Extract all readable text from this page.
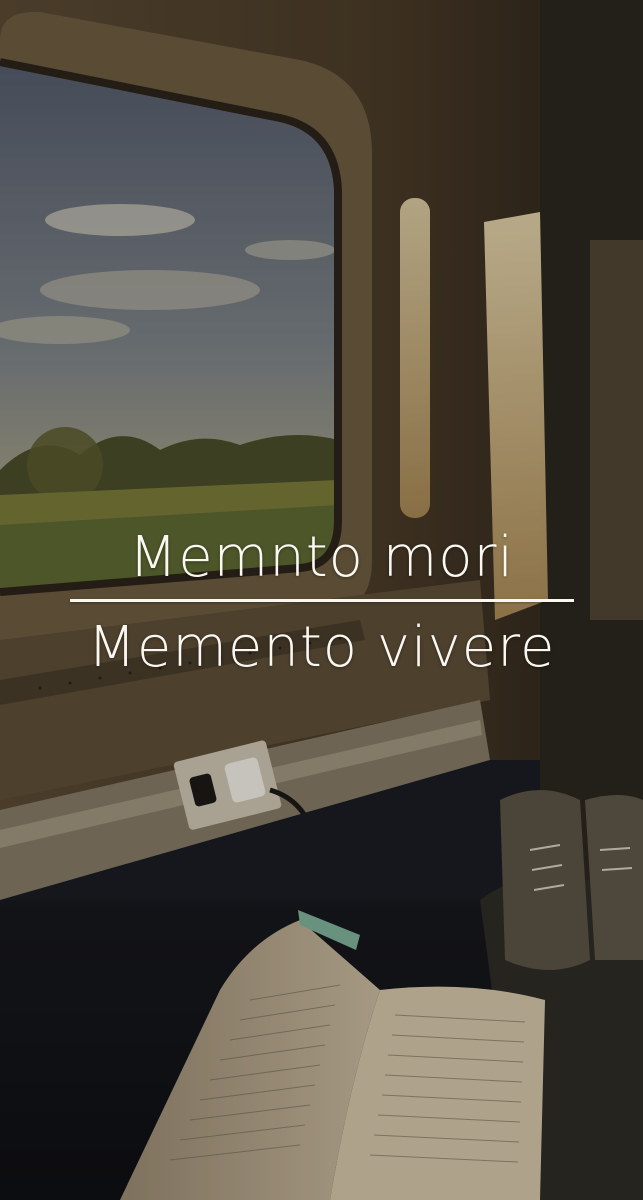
Memnto mori
Memento vivere
